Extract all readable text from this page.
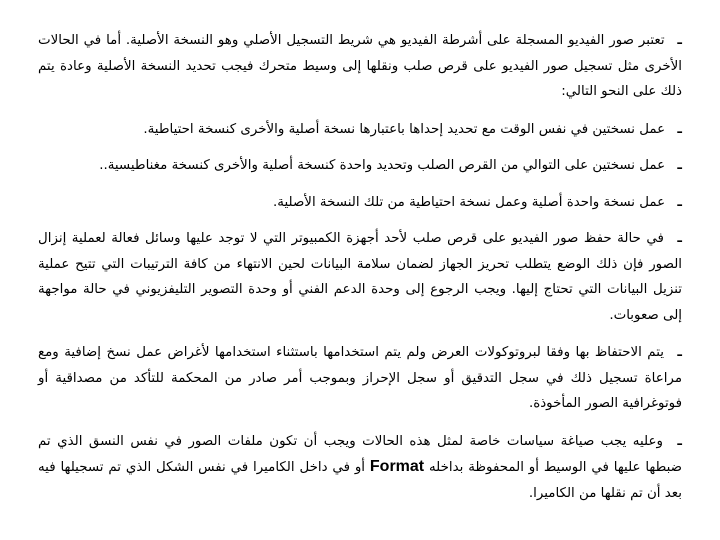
ـ تعتبر صور الفيديو المسجلة على أشرطة الفيديو هي شريط التسجيل الأصلي وهو النسخة الأصلية. أما في الحالات الأخرى مثل تسجيل صور الفيديو على قرص صلب ونقلها إلى وسيط متحرك فيجب تحديد النسخة الأصلية وعادة يتم ذلك على النحو التالي:

ـ عمل نسختين في نفس الوقت مع تحديد إحداها باعتبارها نسخة أصلية والأخرى كنسخة احتياطية.

ـ عمل نسختين على التوالي من القرص الصلب وتحديد واحدة كنسخة أصلية والأخرى كنسخة مغناطيسية..

ـ عمل نسخة واحدة أصلية وعمل نسخة احتياطية من تلك النسخة الأصلية.

ـ في حالة حفظ صور الفيديو على قرص صلب لأحد أجهزة الكمبيوتر التي لا توجد عليها وسائل فعالة لعملية إنزال الصور فإن ذلك الوضع يتطلب تحريز الجهاز لضمان سلامة البيانات لحين الانتهاء من كافة الترتيبات التي تتيح عملية تنزيل البيانات التي تحتاج إليها. ويجب الرجوع إلى وحدة الدعم الفني أو وحدة التصوير التليفزيوني في حالة مواجهة إلى صعوبات.

ـ يتم الاحتفاظ بها وفقا لبروتوكولات العرض ولم يتم استخدامها باستثناء استخدامها لأغراض عمل نسخ إضافية ومع مراعاة تسجيل ذلك في سجل التدقيق أو سجل الإحراز وبموجب أمر صادر من المحكمة للتأكد من مصداقية أو فوتوغرافية الصور المأخوذة.

ـ وعليه يجب صياغة سياسات خاصة لمثل هذه الحالات ويجب أن تكون ملفات الصور في نفس النسق الذي تم ضبطها عليها في الوسيط أو المحفوظة بداخله Format أو في داخل الكاميرا في نفس الشكل الذي تم تسجيلها فيه بعد أن تم نقلها من الكاميرا.
